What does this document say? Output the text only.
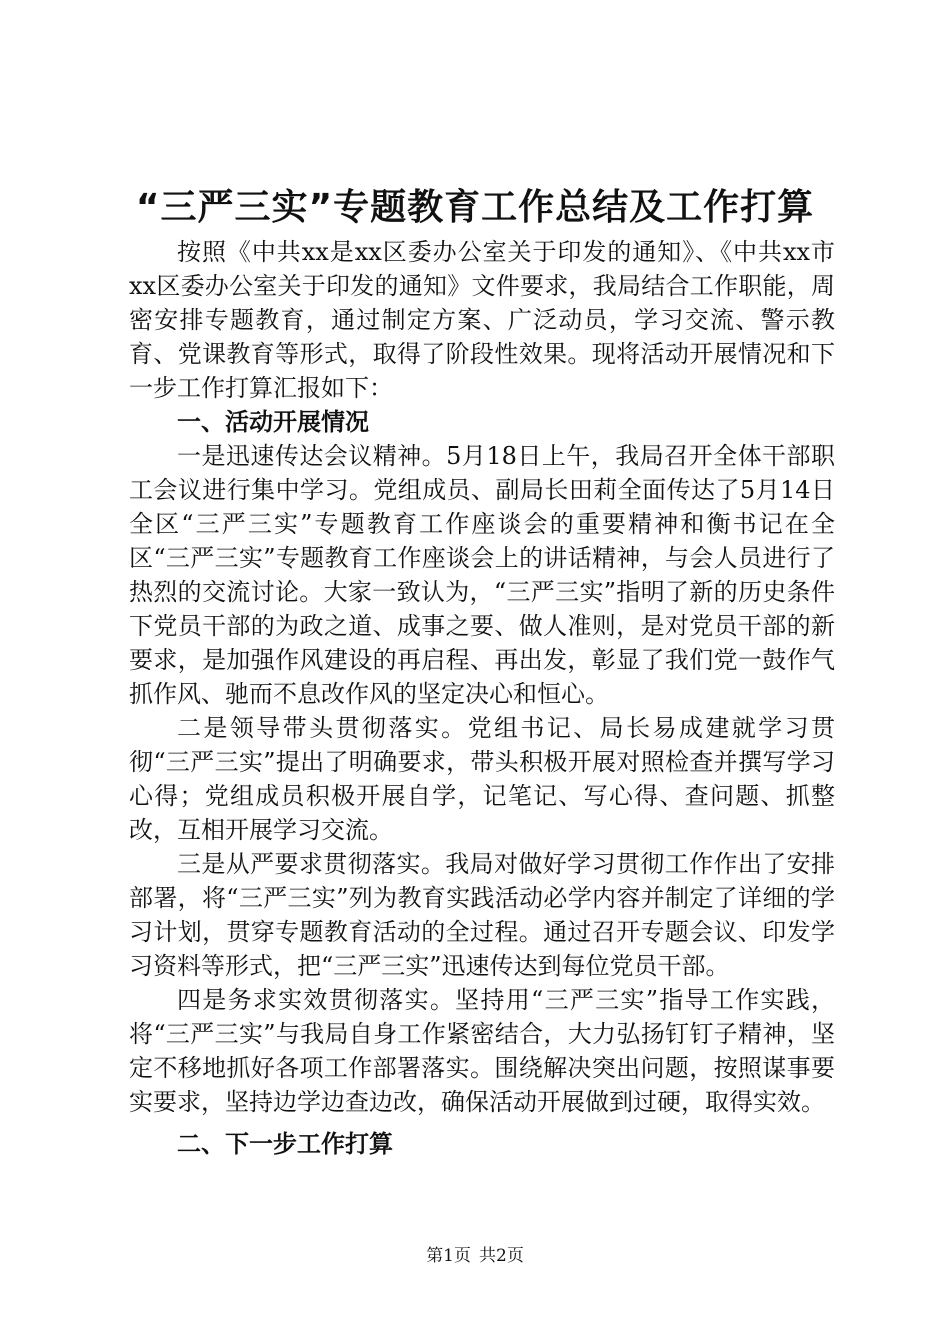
“三严三实”专题教育工作总结及工作打算

按照《中共xx是xx区委办公室关于印发的通知》、《中共xx市xx区委办公室关于印发的通知》文件要求，我局结合工作职能，周密安排专题教育，通过制定方案、广泛动员，学习交流、警示教育、党课教育等形式，取得了阶段性效果。现将活动开展情况和下一步工作打算汇报如下：

一、活动开展情况

一是迅速传达会议精神。5月18日上午，我局召开全体干部职工会议进行集中学习。党组成员、副局长田莉全面传达了5月14日全区“三严三实”专题教育工作座谈会的重要精神和衡书记在全区“三严三实”专题教育工作座谈会上的讲话精神，与会人员进行了热烈的交流讨论。大家一致认为，“三严三实”指明了新的历史条件下党员干部的为政之道、成事之要、做人准则，是对党员干部的新要求，是加强作风建设的再启程、再出发，彰显了我们党一鼓作气抓作风、驰而不息改作风的坚定决心和恒心。

二是领导带头贯彻落实。党组书记、局长易成建就学习贯彻“三严三实”提出了明确要求，带头积极开展对照检查并撰写学习心得；党组成员积极开展自学，记笔记、写心得、查问题、抓整改，互相开展学习交流。

三是从严要求贯彻落实。我局对做好学习贯彻工作作出了安排部署，将“三严三实”列为教育实践活动必学内容并制定了详细的学习计划，贯穿专题教育活动的全过程。通过召开专题会议、印发学习资料等形式，把“三严三实”迅速传达到每位党员干部。

四是务求实效贯彻落实。坚持用“三严三实”指导工作实践，将“三严三实”与我局自身工作紧密结合，大力弘扬钉钉子精神，坚定不移地抓好各项工作部署落实。围绕解决突出问题，按照谋事要实要求，坚持边学边查边改，确保活动开展做到过硬，取得实效。

二、下一步工作打算
第1页 共2页
